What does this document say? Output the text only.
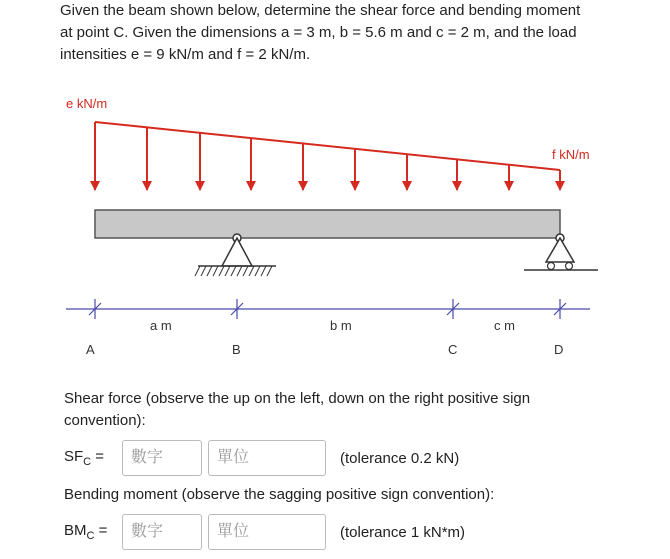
Given the beam shown below, determine the shear force and bending moment
at point C. Given the dimensions a = 3 m, b = 5.6 m and c = 2 m, and the load
intensities e = 9 kN/m and f = 2 kN/m.
e kN/m
f kN/m
a m	b m	c m
A	B	C	D
Shear force (observe the up on the left, down on the right positive sign
convention):
$SF_C$ =
數字
單位	(tolerance 0.2 kN)
Bending moment (observe the sagging positive sign convention):
$BM_C$ =
數字
單位	(tolerance 1 kN*m)
